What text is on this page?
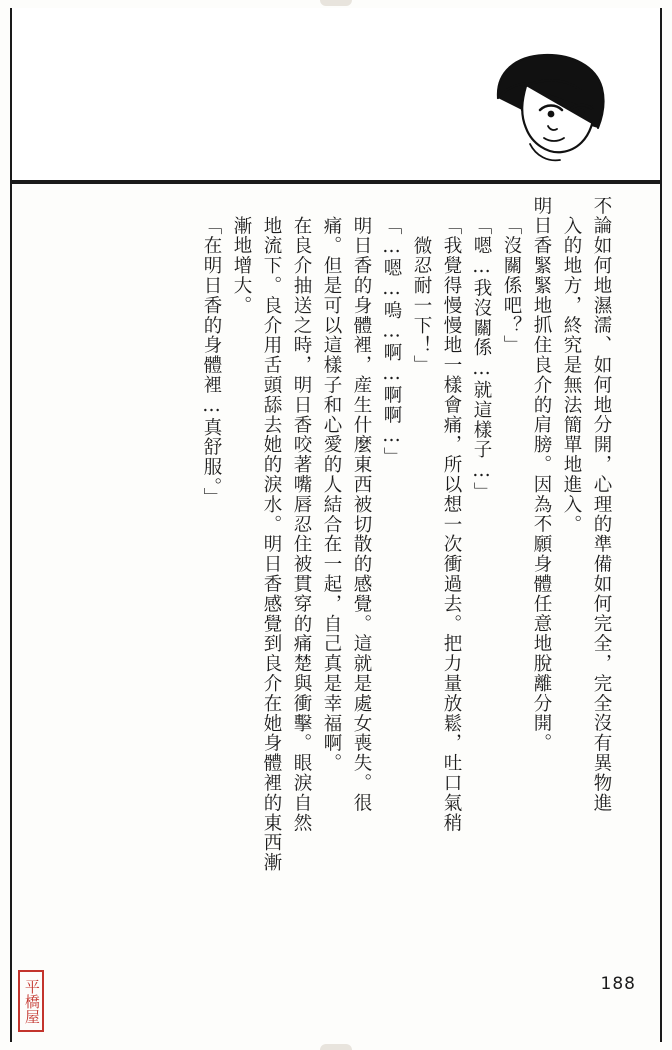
不論如何地濕濡、如何地分開，心理的準備如何完全，完全沒有異物進
入的地方，終究是無法簡單地進入。
明日香緊緊地抓住良介的肩膀。因為不願身體任意地脫離分開。
「沒關係吧？」
「嗯…我沒關係…就這樣子…」
「我覺得慢慢地一樣會痛，所以想一次衝過去。把力量放鬆，吐口氣稍
微忍耐一下！」
「…嗯…嗚…啊…啊啊…」
明日香的身體裡，産生什麼東西被切散的感覺。這就是處女喪失。很
痛。但是可以這樣子和心愛的人結合在一起，自己真是幸福啊。
在良介抽送之時，明日香咬著嘴唇忍住被貫穿的痛楚與衝擊。眼淚自然
地流下。良介用舌頭舔去她的淚水。明日香感覺到良介在她身體裡的東西漸
漸地增大。
「在明日香的身體裡…真舒服。」
188
平橋屋
